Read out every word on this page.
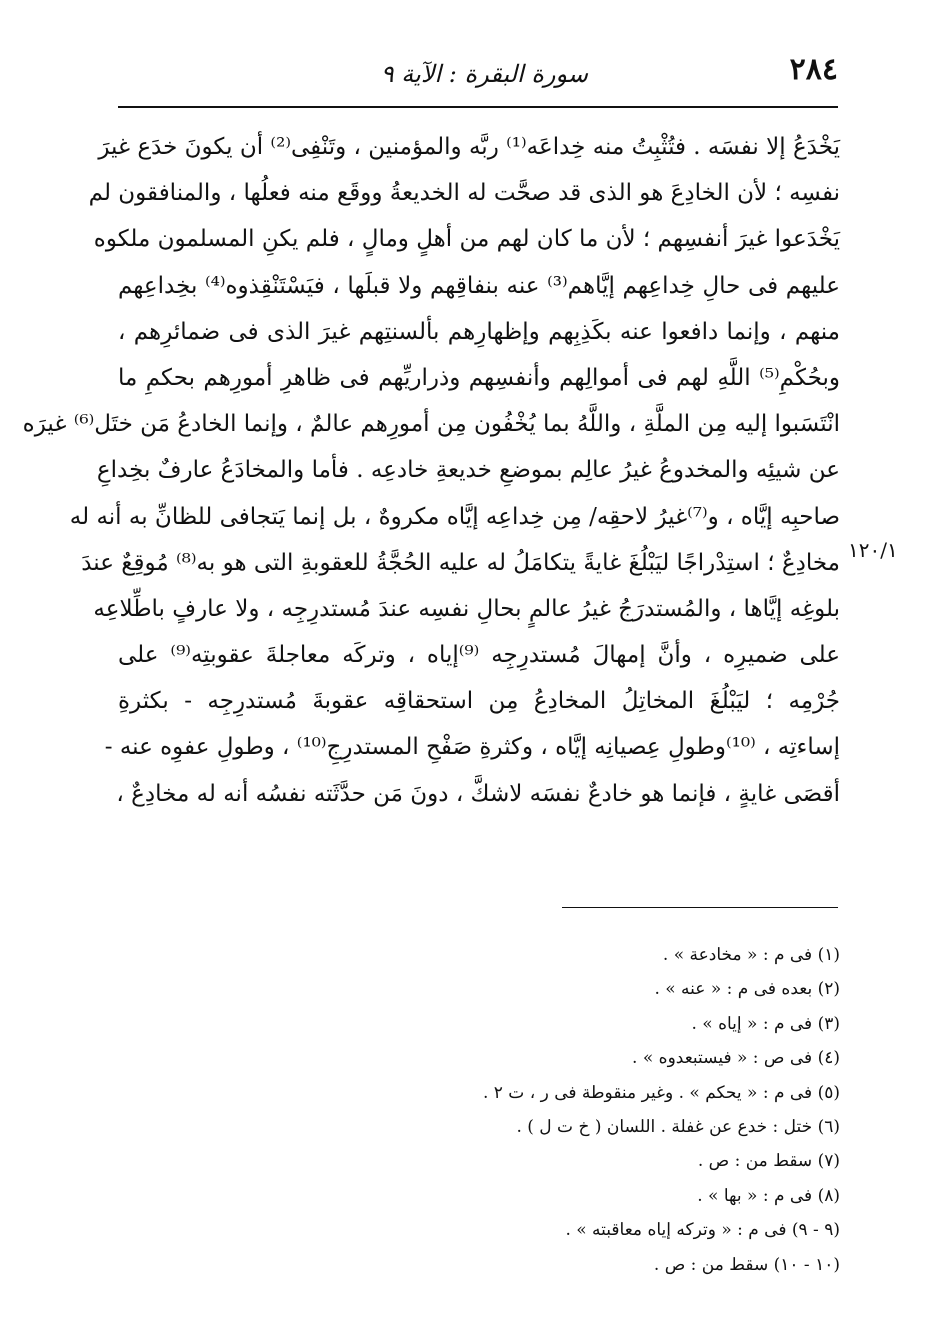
٢٨٤
سورة البقرة : الآية ٩
يَخْدَعُ إلا نفسَه . فتُثْبِتُ منه خِداعَه⁽¹⁾ ربَّه والمؤمنين ، وتَنْفِى⁽²⁾ أن يكونَ خدَع غيرَ
نفسِه ؛ لأن الخادِعَ هو الذى قد صحَّت له الخديعةُ ووقَع منه فعلُها ، والمنافقون لم
يَخْدَعوا غيرَ أنفسِهم ؛ لأن ما كان لهم من أهلٍ ومالٍ ، فلم يكنِ المسلمون ملكوه
عليهم فى حالِ خِداعِهم إيَّاهم⁽³⁾ عنه بنفاقِهم ولا قبلَها ، فيَسْتَنْقِذوه⁽⁴⁾ بخِداعِهم
منهم ، وإنما دافعوا عنه بكَذِبِهم وإظهارِهم بألسنتِهم غيرَ الذى فى ضمائرِهم ،
وبحُكْمِ⁽⁵⁾ اللَّهِ لهم فى أموالِهم وأنفسِهم وذراريِّهم فى ظاهرِ أمورِهم بحكمِ ما
انْتَسَبوا إليه مِن الملَّةِ ، واللَّهُ بما يُخْفُون مِن أمورِهم عالمٌ ، وإنما الخادعُ مَن ختَل⁽⁶⁾ غيرَه
عن شيئِه والمخدوعُ غيرُ عالِم بموضعِ خديعةِ خادعِه . فأما والمخادَعُ عارفٌ بخِداعِ
صاحبِه إيَّاه ، و⁽⁷⁾غيرُ لاحقِه/ مِن خِداعِه إيَّاه مكروهٌ ، بل إنما يَتجافى للظانِّ به أنه له
مخادِعٌ ؛ استِدْراجًا ليَبْلُغَ غايةً يتكامَلُ له عليه الحُجَّةُ للعقوبةِ التى هو به⁽⁸⁾ مُوقِعٌ عندَ
بلوغِه إيَّاها ، والمُستدرَجُ غيرُ عالمٍ بحالِ نفسِه عندَ مُستدرِجِه ، ولا عارفٍ باطِّلاعِه
على ضميرِه ، وأنَّ إمهالَ مُستدرِجِه ⁽⁹⁾إياه ، وتركَه معاجلةَ عقوبتِه⁽⁹⁾ على
جُرْمِه ؛ ليَبْلُغَ المخاتِلُ المخادِعُ مِن استحقاقِه عقوبةَ مُستدرِجِه - بكثرةِ
إساءتِه ، ⁽¹⁰⁾وطولِ عِصيانِه إيَّاه ، وكثرةِ صَفْحِ المستدرِجِ⁽¹⁰⁾ ، وطولِ عفوِه عنه -
أقصَى غايةٍ ، فإنما هو خادعٌ نفسَه لاشكَّ ، دونَ مَن حدَّثَته نفسُه أنه له مخادِعٌ ،
١٢٠/١
(١) فى م : « مخادعة » .
(٢) بعده فى م : « عنه » .
(٣) فى م : « إياه » .
(٤) فى ص : « فيستبعدوه » .
(٥) فى م : « يحكم » . وغير منقوطة فى ر ، ت ٢ .
(٦) ختل : خدع عن غفلة . اللسان ( خ ت ل ) .
(٧) سقط من : ص .
(٨) فى م : « بها » .
(٩ - ٩) فى م : « وتركه إياه معاقبته » .
(١٠ - ١٠) سقط من : ص .
